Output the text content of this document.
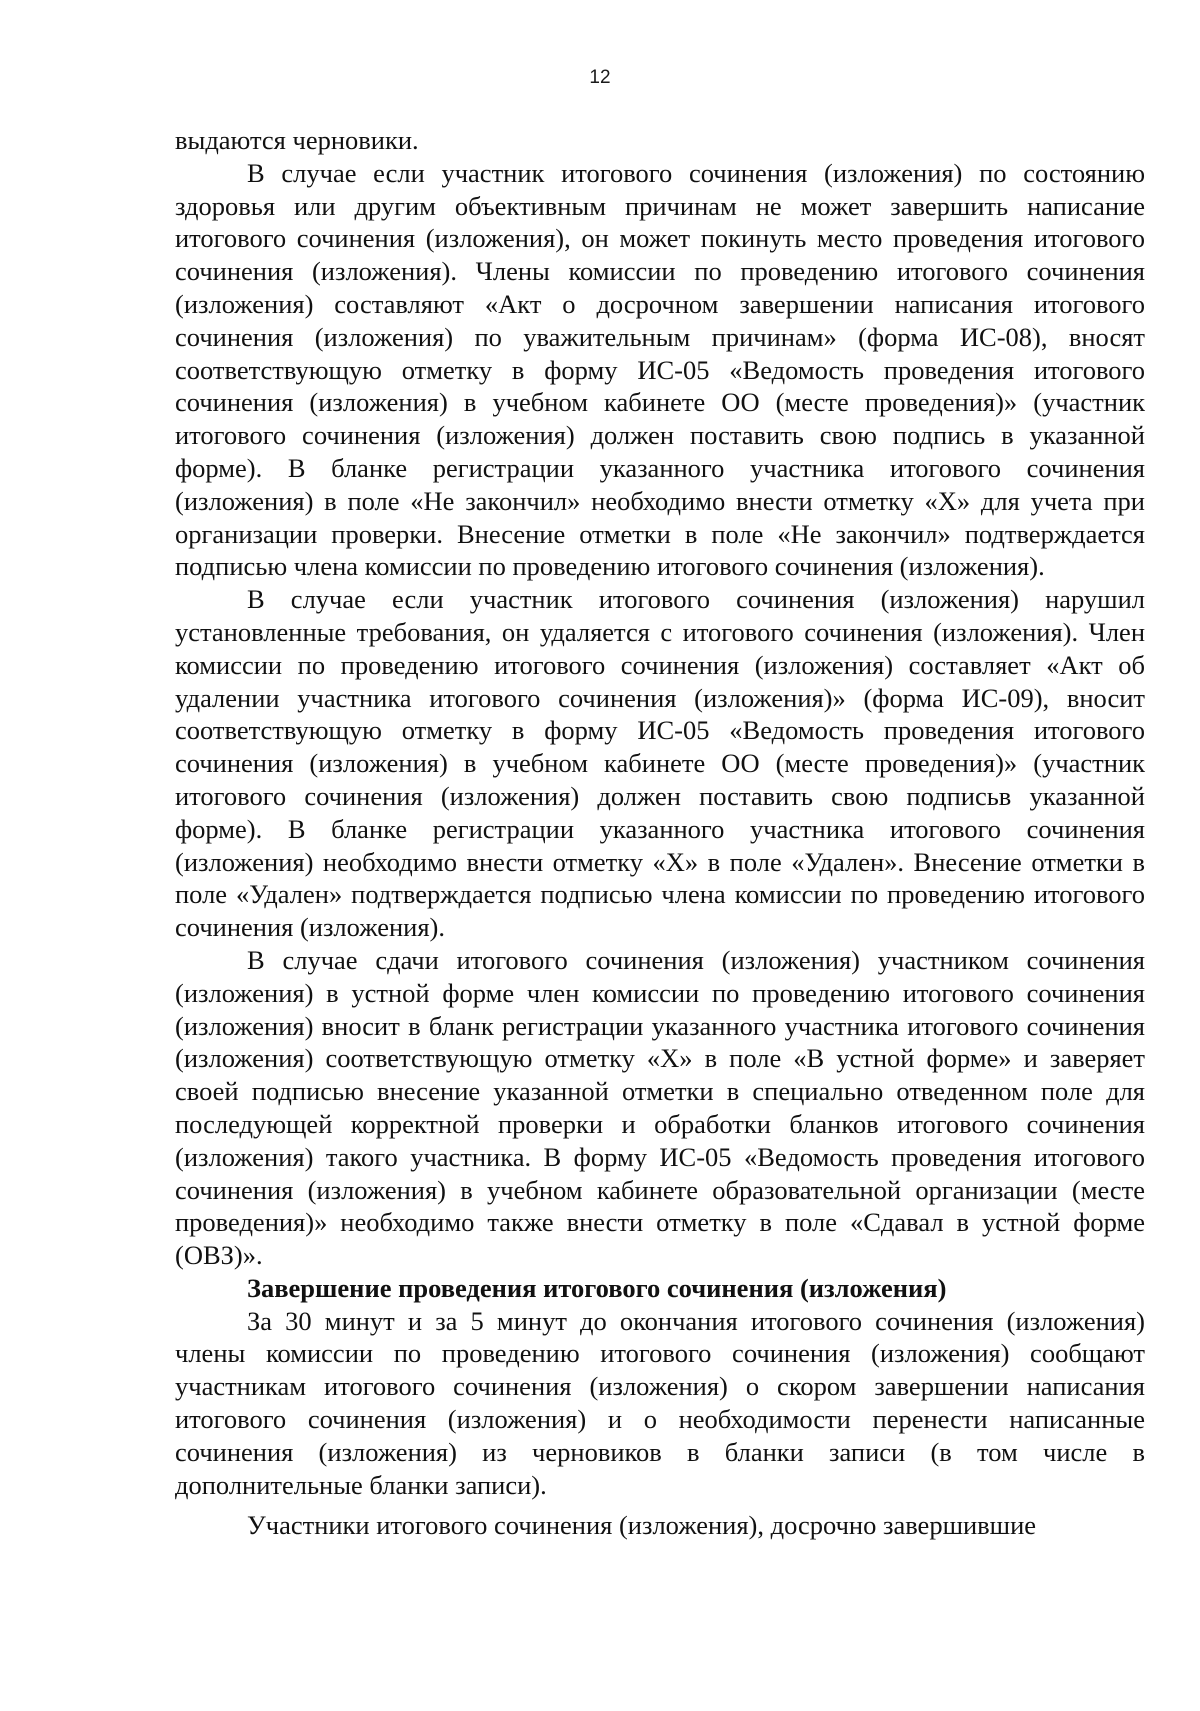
12

выдаются черновики.

В случае если участник итогового сочинения (изложения) по состоянию здоровья или другим объективным причинам не может завершить написание итогового сочинения (изложения), он может покинуть место проведения итогового сочинения (изложения). Члены комиссии по проведению итогового сочинения (изложения) составляют «Акт о досрочном завершении написания итогового сочинения (изложения) по уважительным причинам» (форма ИС-08), вносят соответствующую отметку в форму ИС-05 «Ведомость проведения итогового сочинения (изложения) в учебном кабинете ОО (месте проведения)» (участник итогового сочинения (изложения) должен поставить свою подпись в указанной форме). В бланке регистрации указанного участника итогового сочинения (изложения) в поле «Не закончил» необходимо внести отметку «Х» для учета при организации проверки. Внесение отметки в поле «Не закончил» подтверждается подписью члена комиссии по проведению итогового сочинения (изложения).

В случае если участник итогового сочинения (изложения) нарушил установленные требования, он удаляется с итогового сочинения (изложения). Член комиссии по проведению итогового сочинения (изложения) составляет «Акт об удалении участника итогового сочинения (изложения)» (форма ИС-09), вносит соответствующую отметку в форму ИС-05 «Ведомость проведения итогового сочинения (изложения) в учебном кабинете ОО (месте проведения)» (участник итогового сочинения (изложения) должен поставить свою подписьв указанной форме). В бланке регистрации указанного участника итогового сочинения (изложения) необходимо внести отметку «Х» в поле «Удален». Внесение отметки в поле «Удален» подтверждается подписью члена комиссии по проведению итогового сочинения (изложения).

В случае сдачи итогового сочинения (изложения) участником сочинения (изложения) в устной форме член комиссии по проведению итогового сочинения (изложения) вносит в бланк регистрации указанного участника итогового сочинения (изложения) соответствующую отметку «Х» в поле «В устной форме» и заверяет своей подписью внесение указанной отметки в специально отведенном поле для последующей корректной проверки и обработки бланков итогового сочинения (изложения) такого участника. В форму ИС-05 «Ведомость проведения итогового сочинения (изложения) в учебном кабинете образовательной организации (месте проведения)» необходимо также внести отметку в поле «Сдавал в устной форме (ОВЗ)».

Завершение проведения итогового сочинения (изложения)

За 30 минут и за 5 минут до окончания итогового сочинения (изложения) члены комиссии по проведению итогового сочинения (изложения) сообщают участникам итогового сочинения (изложения) о скором завершении написания итогового сочинения (изложения) и о необходимости перенести написанные сочинения (изложения) из черновиков в бланки записи (в том числе в дополнительные бланки записи).

Участники итогового сочинения (изложения), досрочно завершившие
